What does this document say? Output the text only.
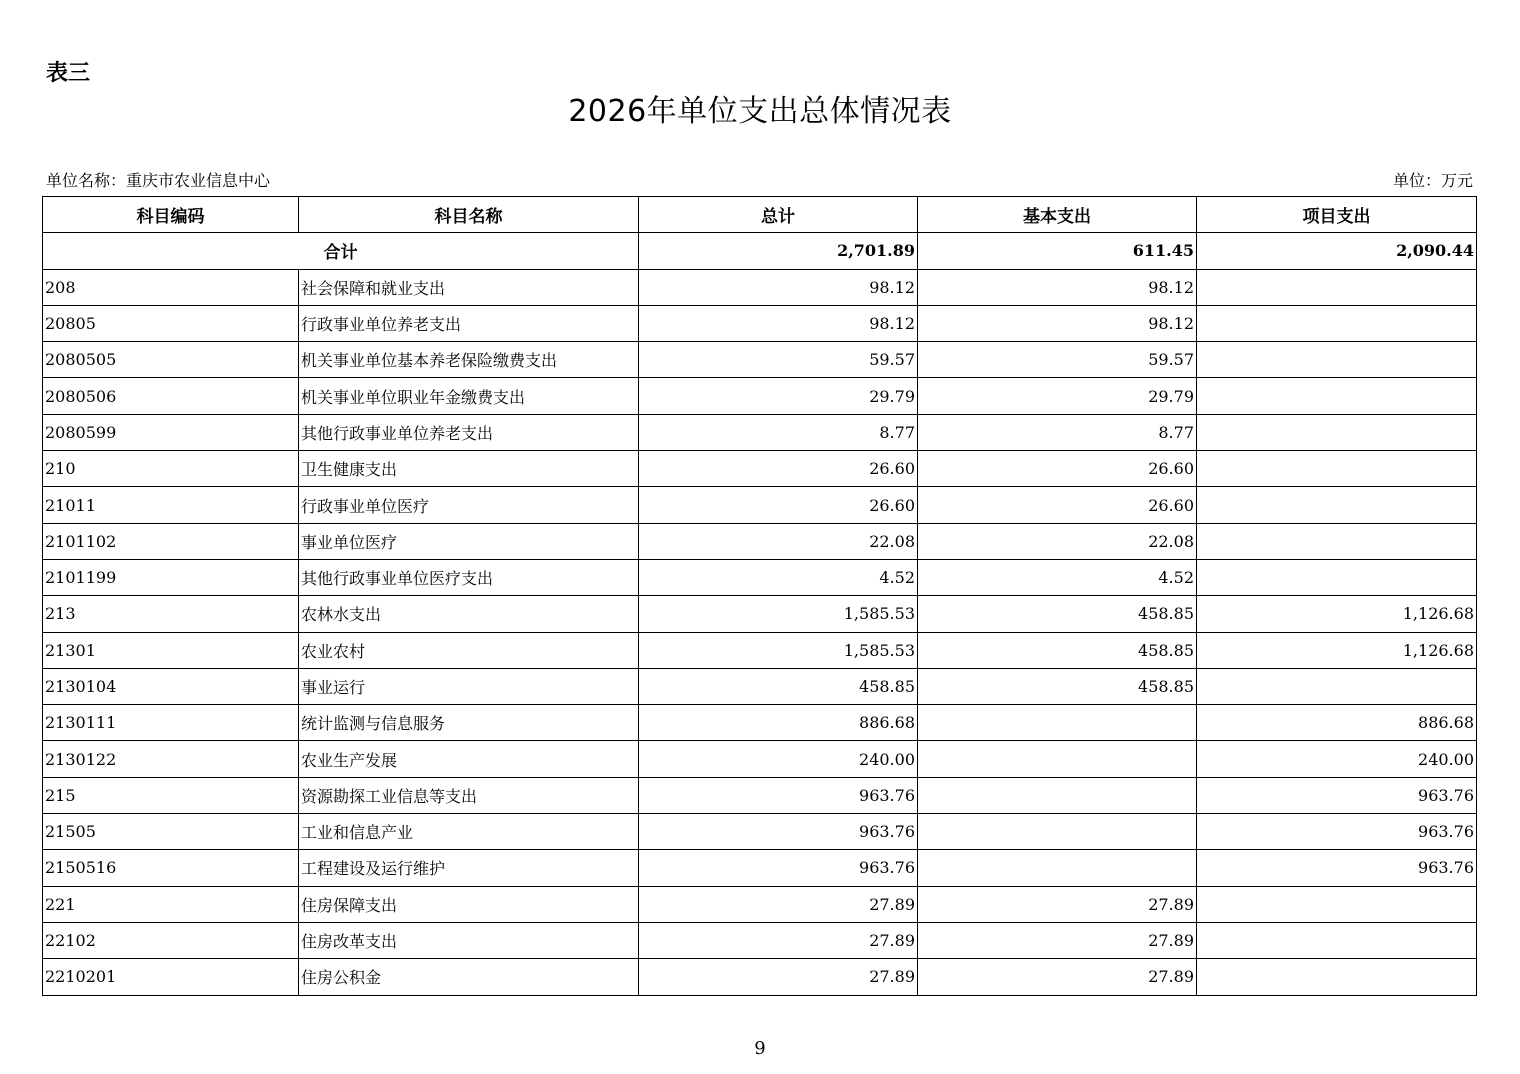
表三
2026年单位支出总体情况表
单位名称：重庆市农业信息中心	单位：万元
科目编码	科目名称	总计	基本支出	项目支出
合计		2,701.89	611.45	2,090.44
208	社会保障和就业支出	98.12	98.12	
20805	行政事业单位养老支出	98.12	98.12	
2080505	机关事业单位基本养老保险缴费支出	59.57	59.57	
2080506	机关事业单位职业年金缴费支出	29.79	29.79	
2080599	其他行政事业单位养老支出	8.77	8.77	
210	卫生健康支出	26.60	26.60	
21011	行政事业单位医疗	26.60	26.60	
2101102	事业单位医疗	22.08	22.08	
2101199	其他行政事业单位医疗支出	4.52	4.52	
213	农林水支出	1,585.53	458.85	1,126.68
21301	农业农村	1,585.53	458.85	1,126.68
2130104	事业运行	458.85	458.85	
2130111	统计监测与信息服务	886.68		886.68
2130122	农业生产发展	240.00		240.00
215	资源勘探工业信息等支出	963.76		963.76
21505	工业和信息产业	963.76		963.76
2150516	工程建设及运行维护	963.76		963.76
221	住房保障支出	27.89	27.89	
22102	住房改革支出	27.89	27.89	
2210201	住房公积金	27.89	27.89	
9
